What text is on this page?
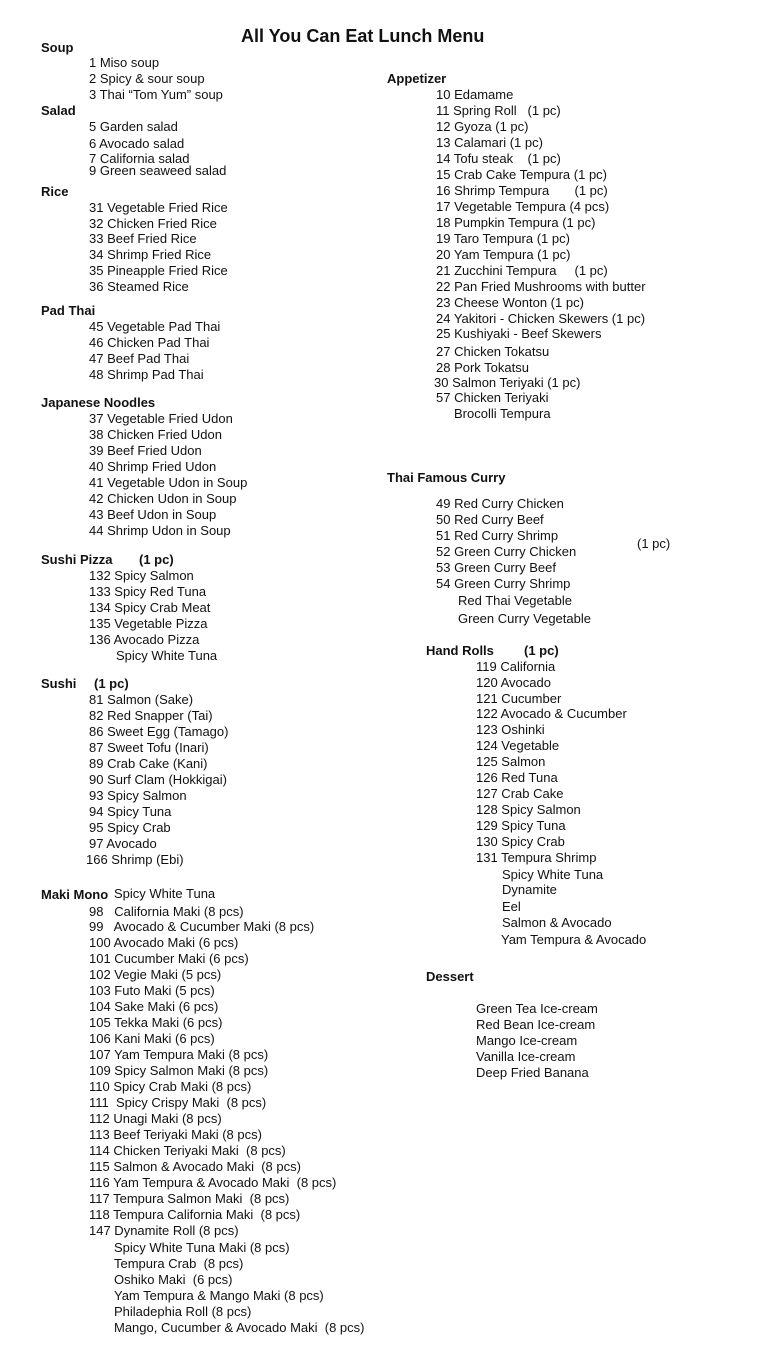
All You Can Eat Lunch Menu
Soup
1 Miso soup
2 Spicy & sour soup
3 Thai “Tom Yum” soup
Salad
5 Garden salad
6 Avocado salad
7 California salad
9 Green seaweed salad
Rice
31 Vegetable Fried Rice
32 Chicken Fried Rice
33 Beef Fried Rice
34 Shrimp Fried Rice
35 Pineapple Fried Rice
36 Steamed Rice
Pad Thai
45 Vegetable Pad Thai
46 Chicken Pad Thai
47 Beef Pad Thai
48 Shrimp Pad Thai
Japanese Noodles
37 Vegetable Fried Udon
38 Chicken Fried Udon
39 Beef Fried Udon
40 Shrimp Fried Udon
41 Vegetable Udon in Soup
42 Chicken Udon in Soup
43 Beef Udon in Soup
44 Shrimp Udon in Soup
Sushi Pizza (1 pc)
132 Spicy Salmon
133 Spicy Red Tuna
134 Spicy Crab Meat
135 Vegetable Pizza
136 Avocado Pizza
Spicy White Tuna
Sushi (1 pc)
81 Salmon (Sake)
82 Red Snapper (Tai)
86 Sweet Egg (Tamago)
87 Sweet Tofu (Inari)
89 Crab Cake (Kani)
90 Surf Clam (Hokkigai)
93 Spicy Salmon
94 Spicy Tuna
95 Spicy Crab
97 Avocado
166 Shrimp (Ebi)
Maki Mono Spicy White Tuna
98   California Maki (8 pcs)
99   Avocado & Cucumber Maki (8 pcs)
100 Avocado Maki (6 pcs)
101 Cucumber Maki (6 pcs)
102 Vegie Maki (5 pcs)
103 Futo Maki (5 pcs)
104 Sake Maki (6 pcs)
105 Tekka Maki (6 pcs)
106 Kani Maki (6 pcs)
107 Yam Tempura Maki (8 pcs)
109 Spicy Salmon Maki (8 pcs)
110 Spicy Crab Maki (8 pcs)
111  Spicy Crispy Maki  (8 pcs)
112 Unagi Maki (8 pcs)
113 Beef Teriyaki Maki (8 pcs)
114 Chicken Teriyaki Maki  (8 pcs)
115 Salmon & Avocado Maki  (8 pcs)
116 Yam Tempura & Avocado Maki  (8 pcs)
117 Tempura Salmon Maki  (8 pcs)
118 Tempura California Maki  (8 pcs)
147 Dynamite Roll (8 pcs)
Spicy White Tuna Maki (8 pcs)
Tempura Crab  (8 pcs)
Oshiko Maki  (6 pcs)
Yam Tempura & Mango Maki (8 pcs)
Philadephia Roll (8 pcs)
Mango, Cucumber & Avocado Maki  (8 pcs)
Appetizer
10 Edamame
11 Spring Roll   (1 pc)
12 Gyoza (1 pc)
13 Calamari (1 pc)
14 Tofu steak    (1 pc)
15 Crab Cake Tempura (1 pc)
16 Shrimp Tempura       (1 pc)
17 Vegetable Tempura (4 pcs)
18 Pumpkin Tempura (1 pc)
19 Taro Tempura (1 pc)
20 Yam Tempura (1 pc)
21 Zucchini Tempura     (1 pc)
22 Pan Fried Mushrooms with butter
23 Cheese Wonton (1 pc)
24 Yakitori - Chicken Skewers (1 pc)
25 Kushiyaki - Beef Skewers
27 Chicken Tokatsu
28 Pork Tokatsu
30 Salmon Teriyaki (1 pc)
57 Chicken Teriyaki
Brocolli Tempura
Thai Famous Curry
49 Red Curry Chicken
50 Red Curry Beef
51 Red Curry Shrimp
(1 pc)
52 Green Curry Chicken
53 Green Curry Beef
54 Green Curry Shrimp
Red Thai Vegetable
Green Curry Vegetable
Hand Rolls (1 pc)
119 California
120 Avocado
121 Cucumber
122 Avocado & Cucumber
123 Oshinki
124 Vegetable
125 Salmon
126 Red Tuna
127 Crab Cake
128 Spicy Salmon
129 Spicy Tuna
130 Spicy Crab
131 Tempura Shrimp
Spicy White Tuna
Dynamite
Eel
Salmon & Avocado
Yam Tempura & Avocado
Dessert
Green Tea Ice-cream
Red Bean Ice-cream
Mango Ice-cream
Vanilla Ice-cream
Deep Fried Banana
